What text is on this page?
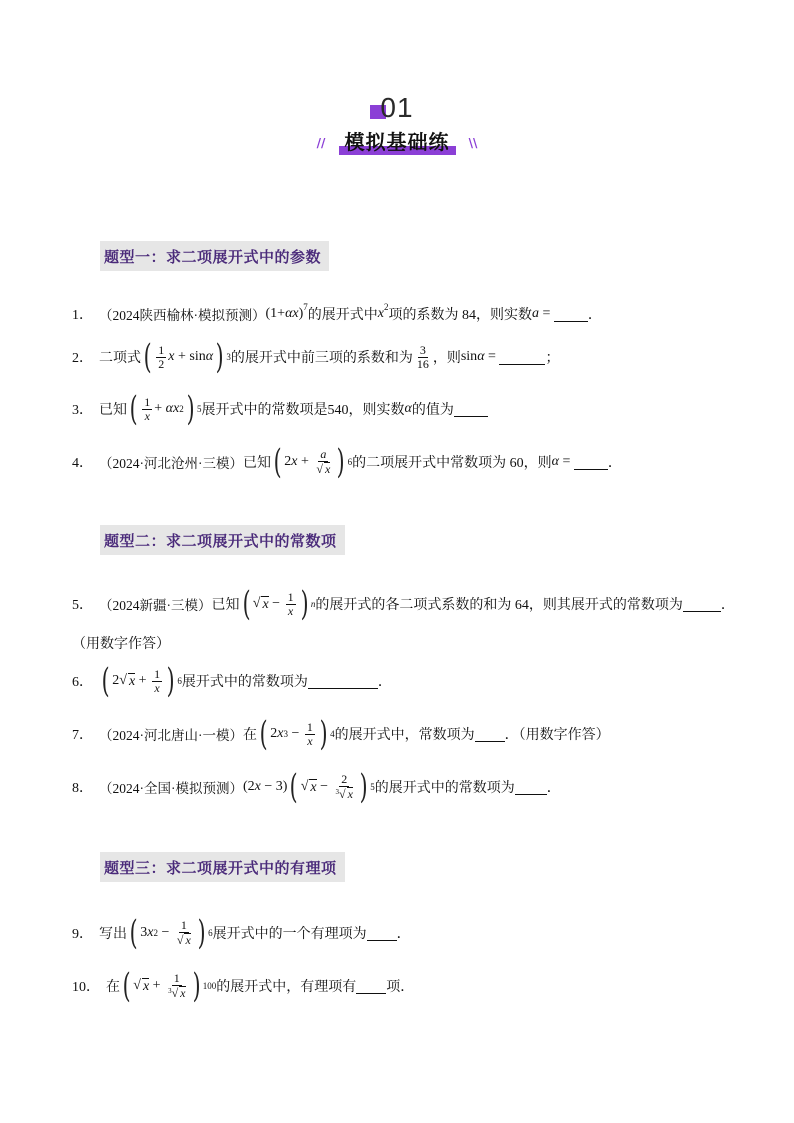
01
// 模拟基础练 \\
题型一：求二项展开式中的参数
1． （2024陕西榆林·模拟预测） $(1+\alpha x)^7$
的展开式中 $x^2$
项的系数为 84，则实数 a = ．
2． 二项式 ( $\frac{1}{2}$ x + sin α ) 3 的展开式中前三项的系数和为 $\frac{3}{16}$ ，则 sinα =	；
3． 已知 ( $\frac{1}{x} + \alpha x$ 2 ) 5 展开式中的常数项是540，则实数 α 的值为
4． （2024·河北沧州·三模） 已知 ( 2 $x + \frac{a}{√ x}$ ) 6 的二项展开式中常数项为 60，则 α = ．
题型二：求二项展开式中的常数项
5． （2024新疆·三模） 已知 ( √ $x - \frac{1}{x}$ ) n 的展开式的各二项式系数的和为 64，则其展开式的常数项为	．
（用数字作答）
6． ( 2√ $x + \frac{1}{x}$ ) 6 展开式中的常数项为	．
7． （2024·河北唐山·一模） 在 ( 2 x $3 - \frac{1}{x}$ ) 4 的展开式中，常数项为 ．（用数字作答）
8． （2024·全国·模拟预测） (2x − 3) ( √ $x - \frac{2}{^3√ x}$ ) 5 的展开式中的常数项为 ．
题型三：求二项展开式中的有理项
9． 写出 ( 3 x $2 - \frac{1}{√ x}$ ) 6 展开式中的一个有理项为 ．
10． 在 ( √ $x + \frac{1}{^3√ x}$ ) 100 的展开式中，有理项有 项．
